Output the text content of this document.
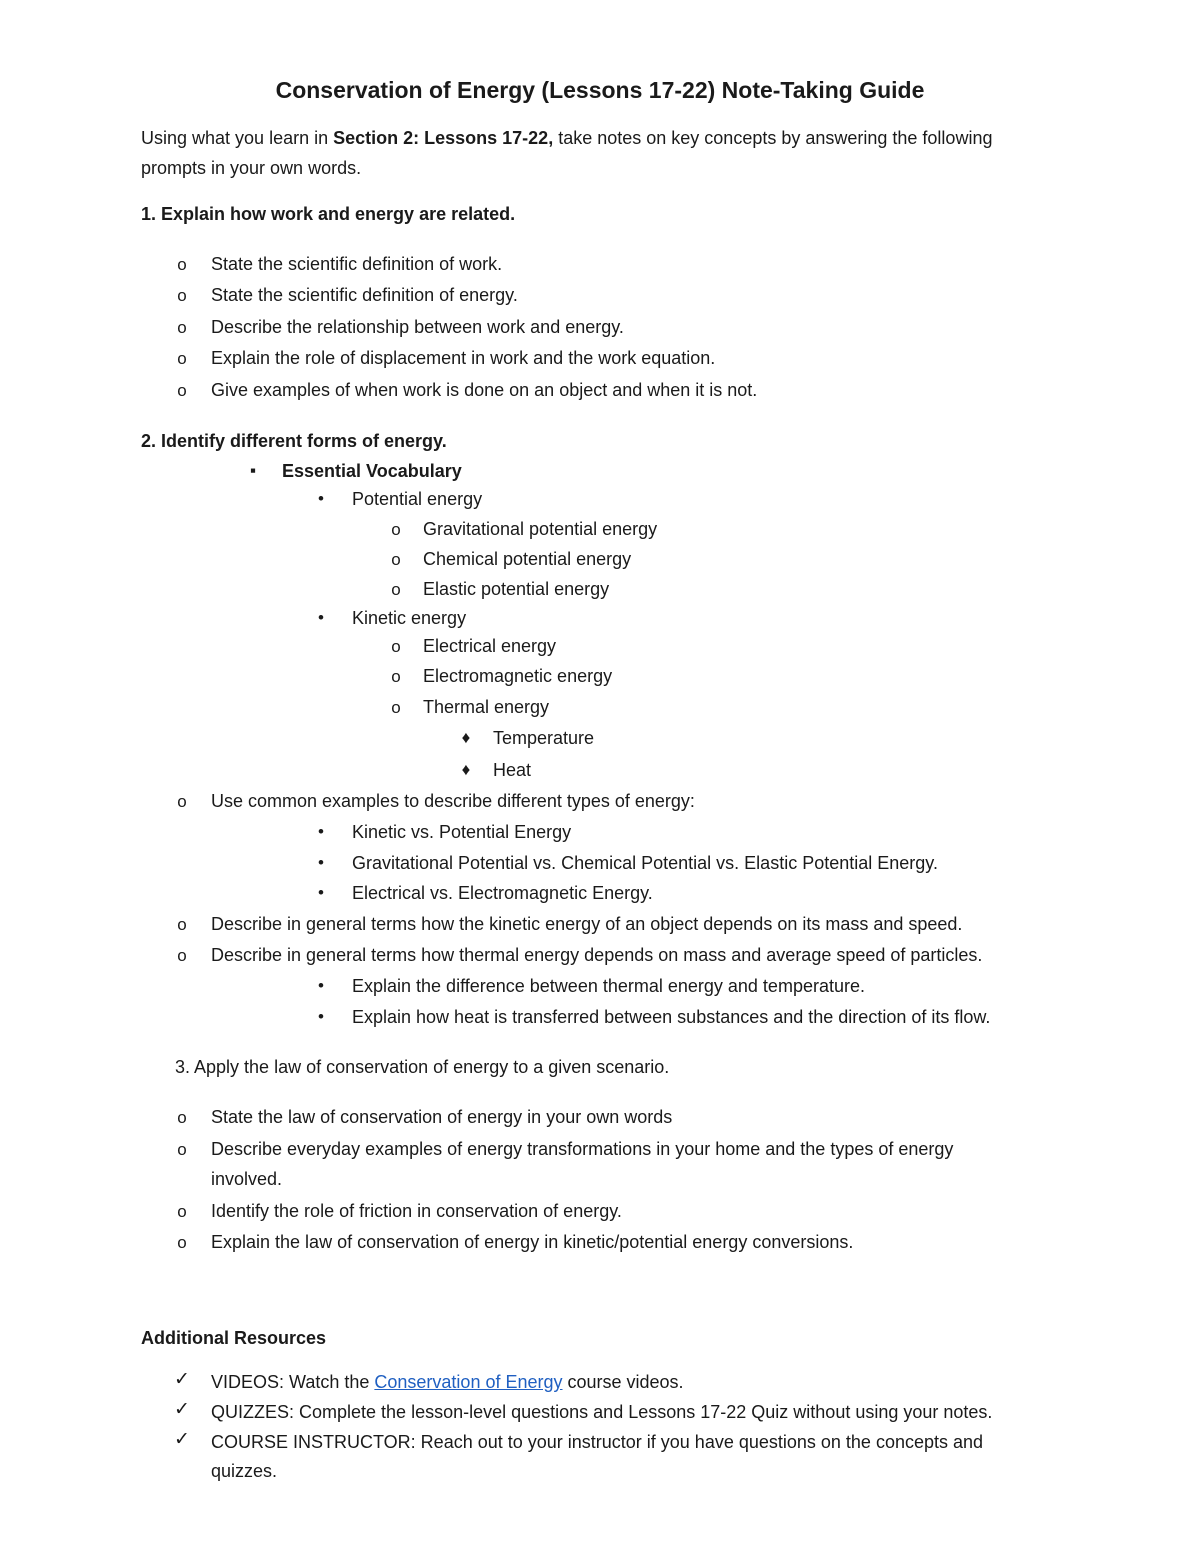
Conservation of Energy (Lessons 17-22) Note-Taking Guide
Using what you learn in Section 2: Lessons 17-22, take notes on key concepts by answering the following
prompts in your own words.
1. Explain how work and energy are related.
o State the scientific definition of work.
o State the scientific definition of energy.
o Describe the relationship between work and energy.
o Explain the role of displacement in work and the work equation.
o Give examples of when work is done on an object and when it is not.
2. Identify different forms of energy.
▪	Essential Vocabulary
•	Potential energy
o Gravitational potential energy
o Chemical potential energy
o Elastic potential energy
•	Kinetic energy
o Electrical energy
o Electromagnetic energy
o Thermal energy
♦	Temperature
♦	Heat
o Use common examples to describe different types of energy:
•	Kinetic vs. Potential Energy
•	Gravitational Potential vs. Chemical Potential vs. Elastic Potential Energy.
•	Electrical vs. Electromagnetic Energy.
o Describe in general terms how the kinetic energy of an object depends on its mass and speed.
o Describe in general terms how thermal energy depends on mass and average speed of particles.
•	Explain the difference between thermal energy and temperature.
•	Explain how heat is transferred between substances and the direction of its flow.
3. Apply the law of conservation of energy to a given scenario.
o State the law of conservation of energy in your own words
o Describe everyday examples of energy transformations in your home and the types of energy
involved.
o Identify the role of friction in conservation of energy.
o Explain the law of conservation of energy in kinetic/potential energy conversions.
Additional Resources
✓ VIDEOS: Watch the Conservation of Energy course videos.
✓ QUIZZES: Complete the lesson-level questions and Lessons 17-22 Quiz without using your notes.
✓ COURSE INSTRUCTOR: Reach out to your instructor if you have questions on the concepts and
quizzes.
